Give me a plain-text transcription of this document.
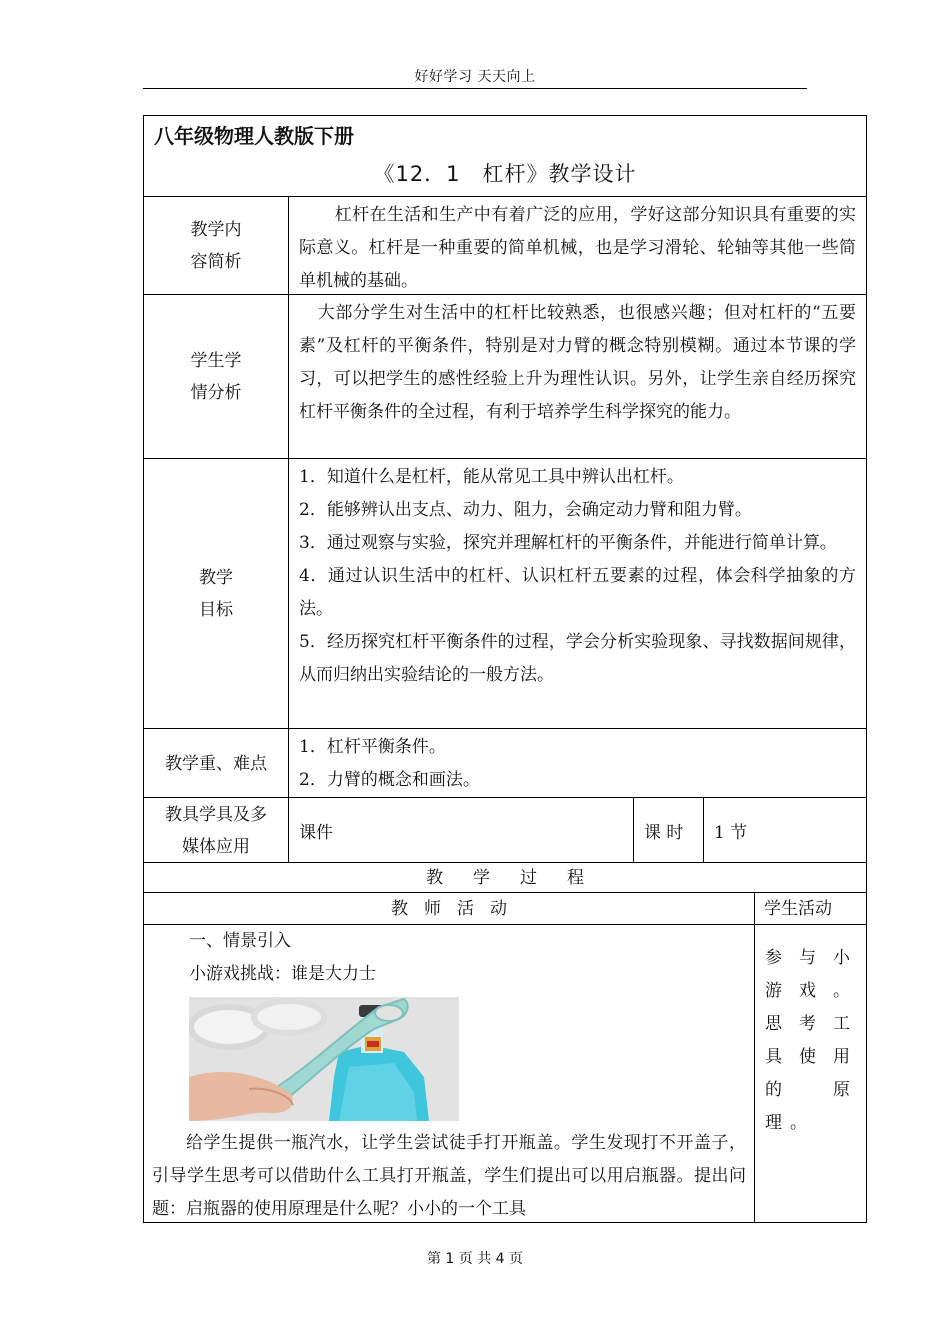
好好学习 天天向上
八年级物理人教版下册
《12．1　杠杆》教学设计
教学内
容简析

杠杆在生活和生产中有着广泛的应用，学好这部分知识具有重要的实际意义。杠杆是一种重要的简单机械，也是学习滑轮、轮轴等其他一些简单机械的基础。

学生学
情分析

大部分学生对生活中的杠杆比较熟悉，也很感兴趣；但对杠杆的“五要素”及杠杆的平衡条件，特别是对力臂的概念特别模糊。通过本节课的学习，可以把学生的感性经验上升为理性认识。另外，让学生亲自经历探究杠杆平衡条件的全过程，有利于培养学生科学探究的能力。

教学
目标

1．知道什么是杠杆，能从常见工具中辨认出杠杆。

2．能够辨认出支点、动力、阻力，会确定动力臂和阻力臂。

3．通过观察与实验，探究并理解杠杆的平衡条件，并能进行简单计算。

4．通过认识生活中的杠杆、认识杠杆五要素的过程，体会科学抽象的方法。

5．经历探究杠杆平衡条件的过程，学会分析实验现象、寻找数据间规律，从而归纳出实验结论的一般方法。

教学重、难点

1．杠杆平衡条件。

2．力臂的概念和画法。

教具学具及多
媒体应用
课件	课 时 1 节
教学过程
教师活动	学生活动
一、情景引入
小游戏挑战：谁是大力士
给学生提供一瓶汽水，让学生尝试徒手打开瓶盖。学生发现打不开盖子，引导学生思考可以借助什么工具打开瓶盖，学生们提出可以用启瓶器。提出问题：启瓶器的使用原理是什么呢？小小的一个工具
参与小游戏。思考工具使用的原理。
第 1 页 共 4 页
